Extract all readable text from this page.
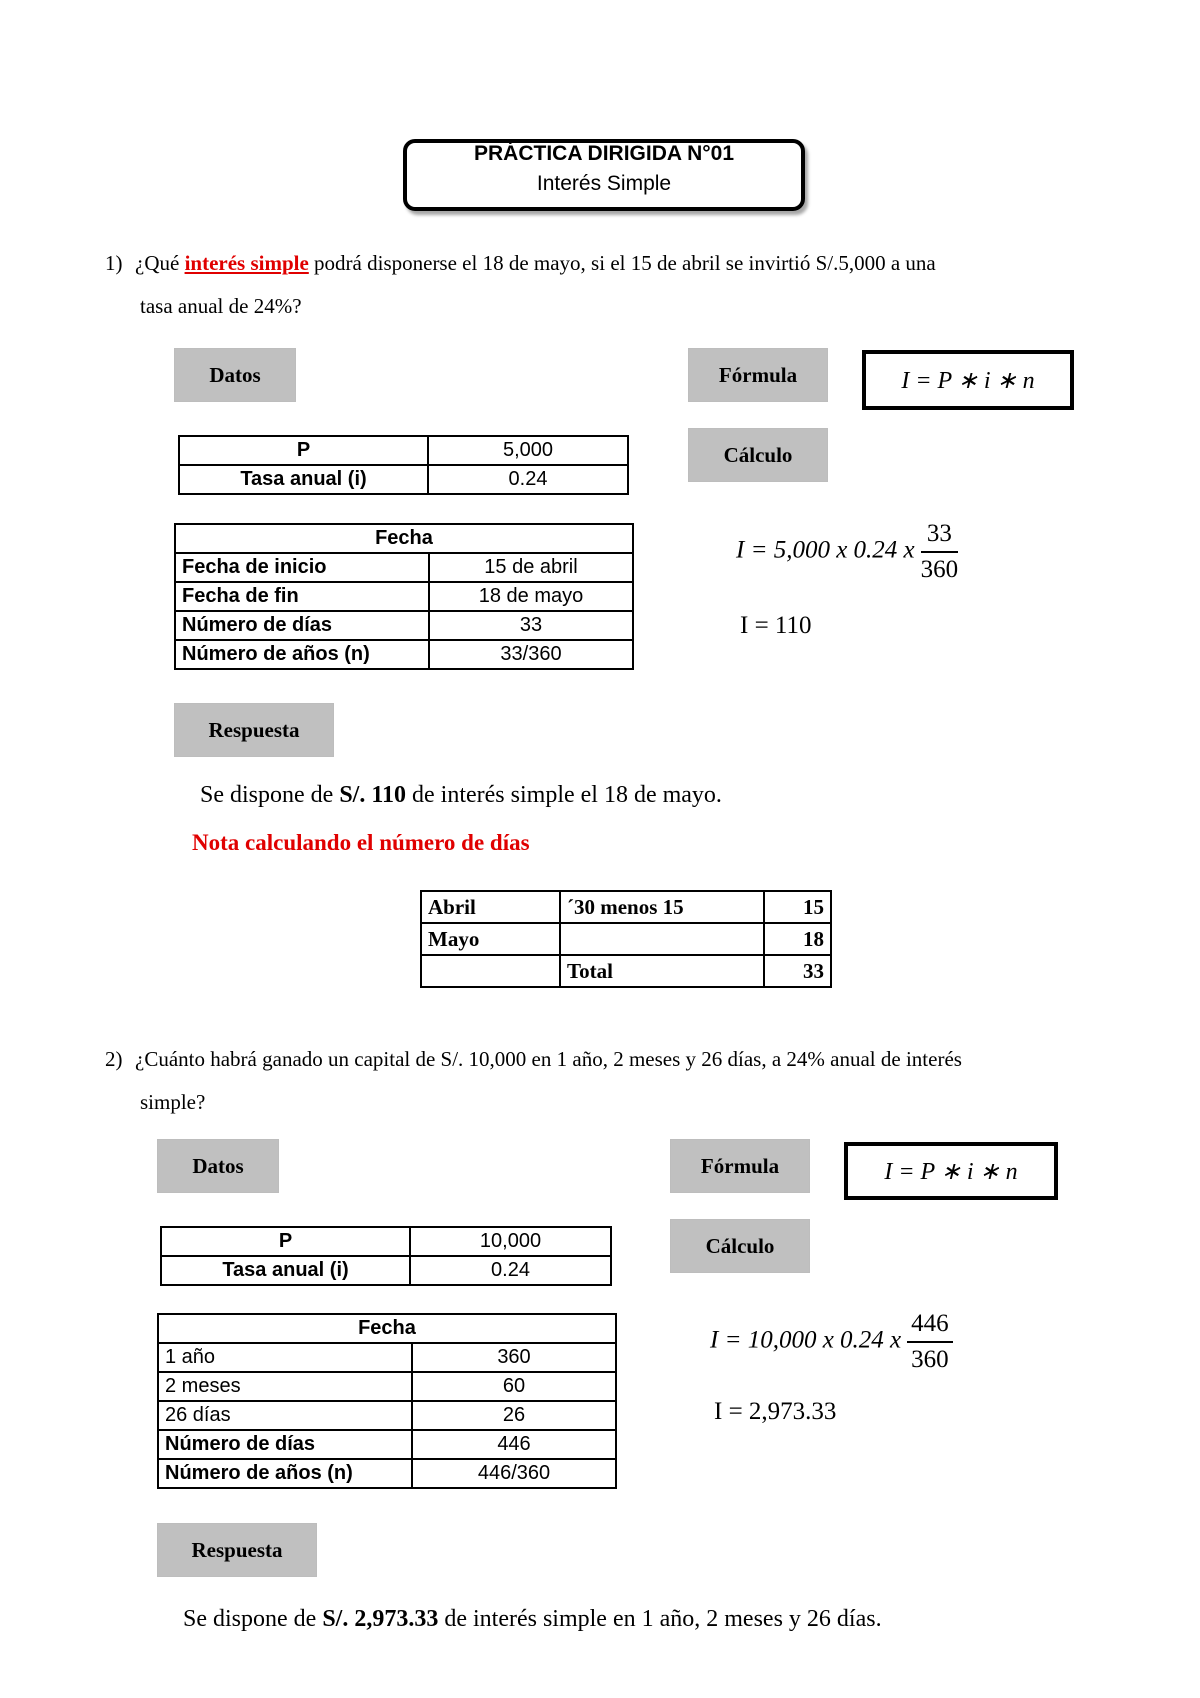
PRÁCTICA DIRIGIDA N°01
Interés Simple
1) ¿Qué interés simple podrá disponerse el 18 de mayo, si el 15 de abril se invirtió S/.5,000 a una
tasa anual de 24%?
Datos	Fórmula	I = P ∗ i ∗ n
Cálculo
P	5,000
Tasa anual (i)	0.24
Fecha	
Fecha de inicio	15 de abril
Fecha de fin	18 de mayo
Número de días	33
Número de años (n)	33/360
I = 5,000 x 0.24 x $\frac{33}{360}$
I = 110
Respuesta
Se dispone de S/. 110 de interés simple el 18 de mayo.
Nota calculando el número de días
Abril	´30 menos 15	15
Mayo		18
	Total	33
2) ¿Cuánto habrá ganado un capital de S/. 10,000 en 1 año, 2 meses y 26 días, a 24% anual de interés
simple?
Datos	Fórmula	I = P ∗ i ∗ n
Cálculo
P	10,000
Tasa anual (i)	0.24
Fecha	
1 año	360
2 meses	60
26 días	26
Número de días	446
Número de años (n)	446/360
I = 10,000 x 0.24 x $\frac{446}{360}$
I = 2,973.33
Respuesta
Se dispone de S/. 2,973.33 de interés simple en 1 año, 2 meses y 26 días.
